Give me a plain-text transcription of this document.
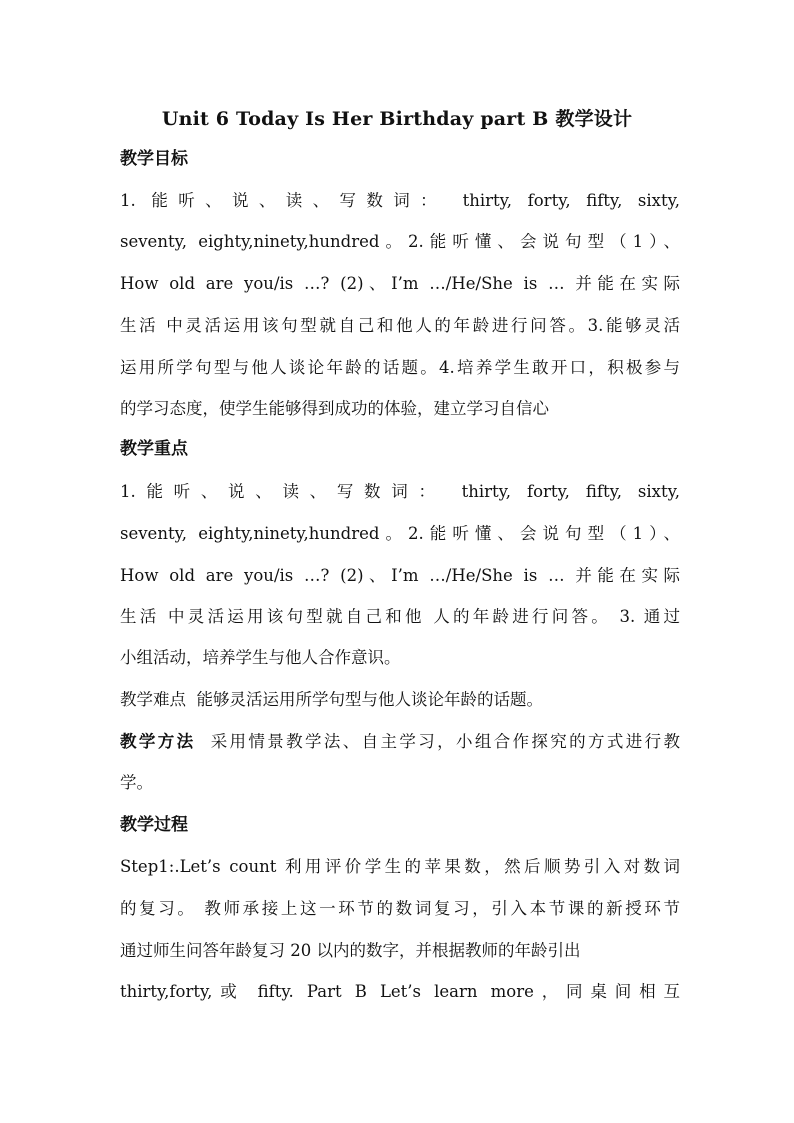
Unit 6 Today Is Her Birthday part B 教学设计
教学目标
1. 能听、说、读、写数词： thirty, forty, fifty, sixty,
seventy, eighty,ninety,hundred。2.能听懂、会说句型（1）、
How old are you/is …? (2)、I’m …/He/She is … 并能在实际
生活 中灵活运用该句型就自己和他人的年龄进行问答。3.能够灵活
运用所学句型与他人谈论年龄的话题。4.培养学生敢开口，积极参与
的学习态度，使学生能够得到成功的体验，建立学习自信心
教学重点
1.能听、说、读、写数词： thirty, forty, fifty, sixty,
seventy, eighty,ninety,hundred。2.能听懂、会说句型（1）、
How old are you/is …? (2)、I’m …/He/She is … 并能在实际
生活 中灵活运用该句型就自己和他 人的年龄进行问答。 3. 通过
小组活动，培养学生与他人合作意识。
教学难点  能够灵活运用所学句型与他人谈论年龄的话题。
教学方法  采用情景教学法、自主学习，小组合作探究的方式进行教
学。
教学过程
Step1:.Let’s count 利用评价学生的苹果数，然后顺势引入对数词
的复习。 教师承接上这一环节的数词复习，引入本节课的新授环节
通过师生问答年龄复习 20 以内的数字，并根据教师的年龄引出
thirty,forty,或 fifty. Part B Let’s learn more，同桌间相互
